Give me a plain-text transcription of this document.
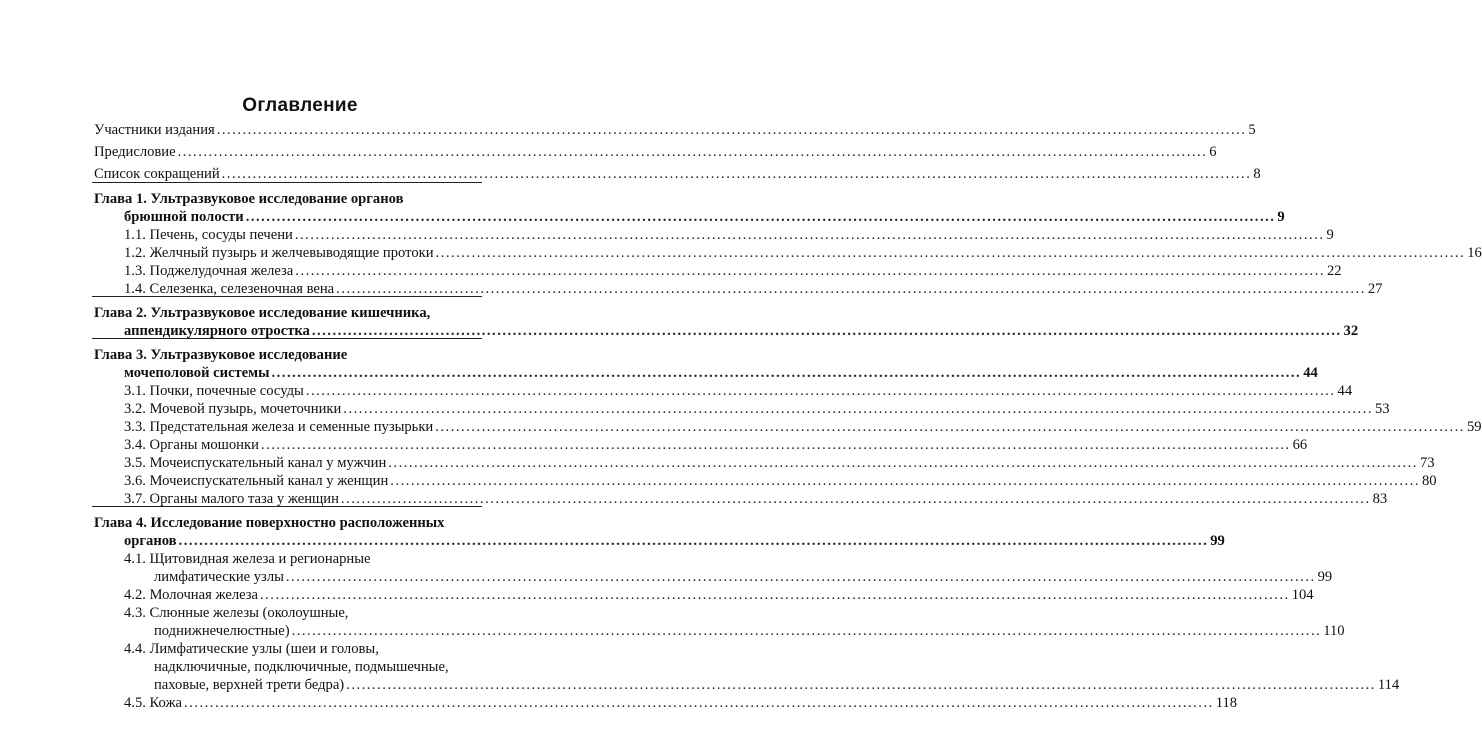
Оглавление
Участники издания ........................................................................................................................................................................................................ 5
Предисловие ........................................................................................................................................................................................................ 6
Список сокращений ........................................................................................................................................................................................................ 8
Глава 1. Ультразвуковое исследование органов
брюшной полости ........................................................................................................................................................................................................ 9
1.1. Печень, сосуды печени ........................................................................................................................................................................................................ 9
1.2. Желчный пузырь и желчевыводящие протоки ........................................................................................................................................................................................................ 16
1.3. Поджелудочная железа ........................................................................................................................................................................................................ 22
1.4. Селезенка, селезеночная вена ........................................................................................................................................................................................................ 27
Глава 2. Ультразвуковое исследование кишечника,
аппендикулярного отростка ........................................................................................................................................................................................................ 32
Глава 3. Ультразвуковое исследование
мочеполовой системы ........................................................................................................................................................................................................ 44
3.1. Почки, почечные сосуды ........................................................................................................................................................................................................ 44
3.2. Мочевой пузырь, мочеточники ........................................................................................................................................................................................................ 53
3.3. Предстательная железа и семенные пузырьки ........................................................................................................................................................................................................ 59
3.4. Органы мошонки ........................................................................................................................................................................................................ 66
3.5. Мочеиспускательный канал у мужчин ........................................................................................................................................................................................................ 73
3.6. Мочеиспускательный канал у женщин ........................................................................................................................................................................................................ 80
3.7. Органы малого таза у женщин ........................................................................................................................................................................................................ 83
Глава 4. Исследование поверхностно расположенных
органов ........................................................................................................................................................................................................ 99
4.1. Щитовидная железа и регионарные
лимфатические узлы ........................................................................................................................................................................................................ 99
4.2. Молочная железа ........................................................................................................................................................................................................ 104
4.3. Слюнные железы (околоушные,
поднижнечелюстные) ........................................................................................................................................................................................................ 110
4.4. Лимфатические узлы (шеи и головы,
надключичные, подключичные, подмышечные,
паховые, верхней трети бедра) ........................................................................................................................................................................................................ 114
4.5. Кожа ........................................................................................................................................................................................................ 118
